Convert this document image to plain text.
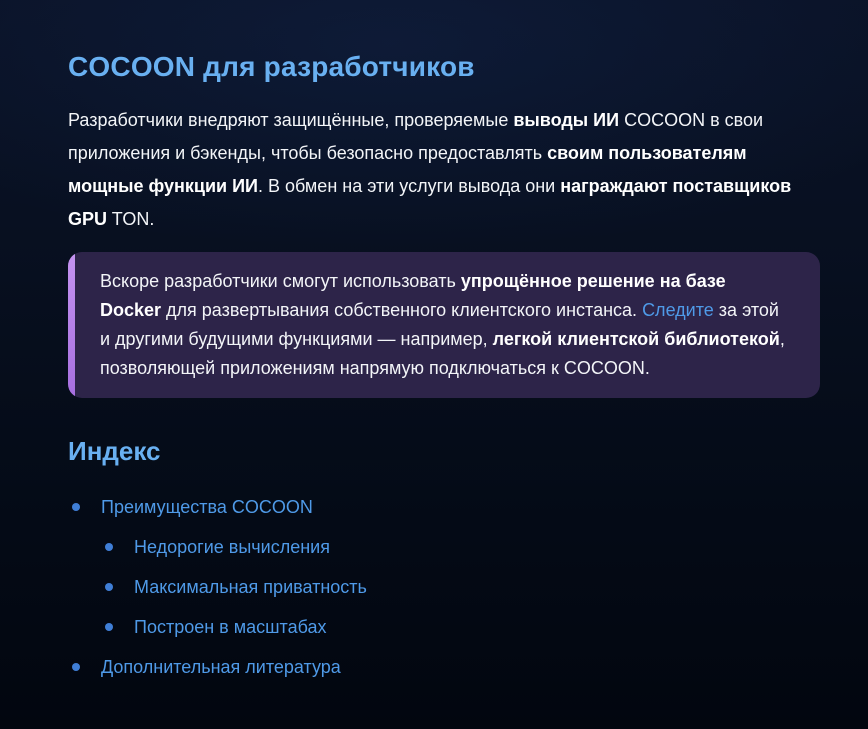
COCOON для разработчиков

Разработчики внедряют защищённые, проверяемые выводы ИИ COCOON в свои приложения и бэкенды, чтобы безопасно предоставлять своим пользователям мощные функции ИИ. В обмен на эти услуги вывода они награждают поставщиков GPU TON.

Вскоре разработчики смогут использовать упрощённое решение на базе Docker для развертывания собственного клиентского инстанса. Следите за этой и другими будущими функциями — например, легкой клиентской библиотекой, позволяющей приложениям напрямую подключаться к COCOON.

Индекс
Преимущества COCOON
Недорогие вычисления
Максимальная приватность
Построен в масштабах
Дополнительная литература
